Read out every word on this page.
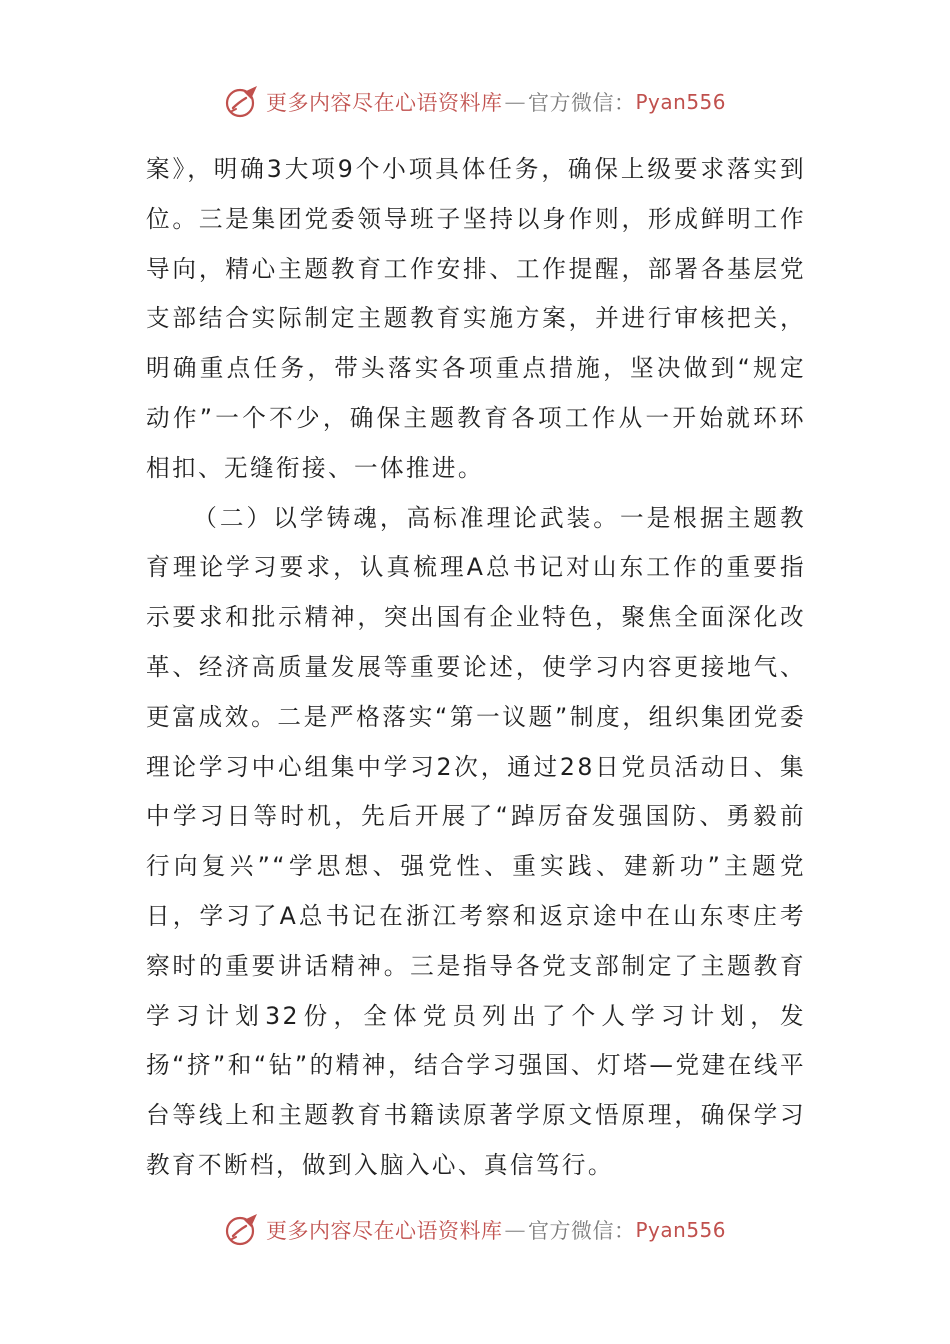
更多内容尽在心语资料库 — 官方微信： Pyan556

案》，明确3大项9个小项具体任务，确保上级要求落实到位。三是集团党委领导班子坚持以身作则，形成鲜明工作导向，精心主题教育工作安排、工作提醒，部署各基层党支部结合实际制定主题教育实施方案，并进行审核把关，明确重点任务，带头落实各项重点措施，坚决做到“规定动作”一个不少，确保主题教育各项工作从一开始就环环相扣、无缝衔接、一体推进。

（二）以学铸魂，高标准理论武装。一是根据主题教育理论学习要求，认真梳理A总书记对山东工作的重要指示要求和批示精神，突出国有企业特色，聚焦全面深化改革、经济高质量发展等重要论述，使学习内容更接地气、更富成效。二是严格落实“第一议题”制度，组织集团党委理论学习中心组集中学习2次，通过28日党员活动日、集中学习日等时机，先后开展了“踔厉奋发强国防、勇毅前行向复兴”“学思想、强党性、重实践、建新功”主题党日，学习了A总书记在浙江考察和返京途中在山东枣庄考察时的重要讲话精神。三是指导各党支部制定了主题教育学习计划32份，全体党员列出了个人学习计划，发扬“挤”和“钻”的精神，结合学习强国、灯塔—党建在线平台等线上和主题教育书籍读原著学原文悟原理，确保学习教育不断档，做到入脑入心、真信笃行。

更多内容尽在心语资料库 — 官方微信： Pyan556
